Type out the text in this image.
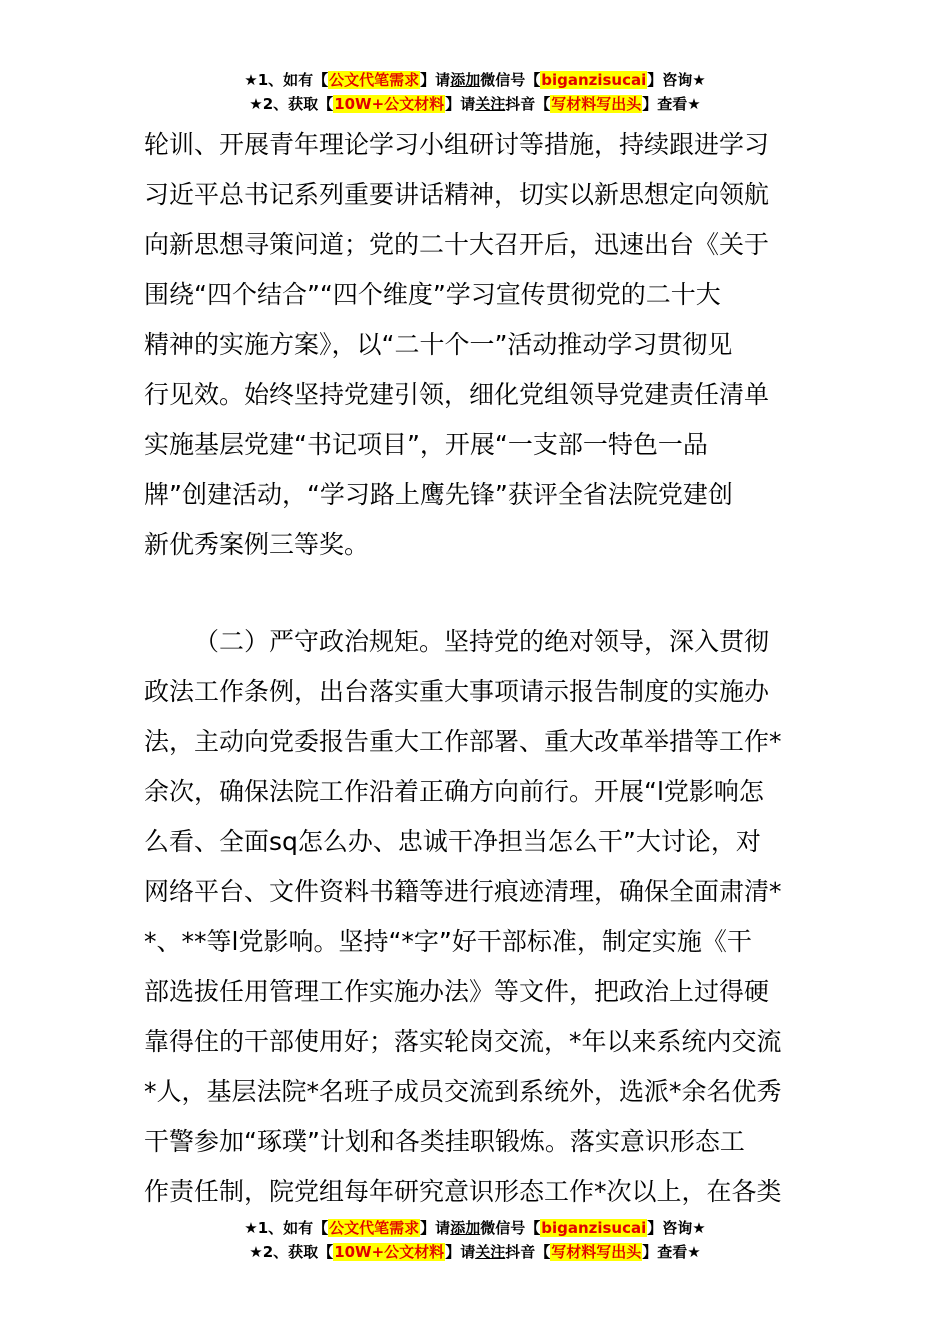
★1、如有【公文代笔需求】请添加微信号【biganzisucai】咨询★
★2、获取【10W+公文材料】请关注抖音【写材料写出头】查看★
轮训、开展青年理论学习小组研讨等措施，持续跟进学习
习近平总书记系列重要讲话精神，切实以新思想定向领航
向新思想寻策问道；党的二十大召开后，迅速出台《关于
围绕“四个结合”“四个维度”学习宣传贯彻党的二十大
精神的实施方案》，以“二十个一”活动推动学习贯彻见
行见效。始终坚持党建引领，细化党组领导党建责任清单
实施基层党建“书记项目”，开展“一支部一特色一品
牌”创建活动，“学习路上鹰先锋”获评全省法院党建创
新优秀案例三等奖。
（二）严守政治规矩。坚持党的绝对领导，深入贯彻
政法工作条例，出台落实重大事项请示报告制度的实施办
法，主动向党委报告重大工作部署、重大改革举措等工作*
余次，确保法院工作沿着正确方向前行。开展“l党影响怎
么看、全面sq怎么办、忠诚干净担当怎么干”大讨论，对
网络平台、文件资料书籍等进行痕迹清理，确保全面肃清*
*、**等l党影响。坚持“*字”好干部标准，制定实施《干
部选拔任用管理工作实施办法》等文件，把政治上过得硬
靠得住的干部使用好；落实轮岗交流，*年以来系统内交流
*人，基层法院*名班子成员交流到系统外，选派*余名优秀
干警参加“琢璞”计划和各类挂职锻炼。落实意识形态工
作责任制，院党组每年研究意识形态工作*次以上，在各类
★1、如有【公文代笔需求】请添加微信号【biganzisucai】咨询★
★2、获取【10W+公文材料】请关注抖音【写材料写出头】查看★
